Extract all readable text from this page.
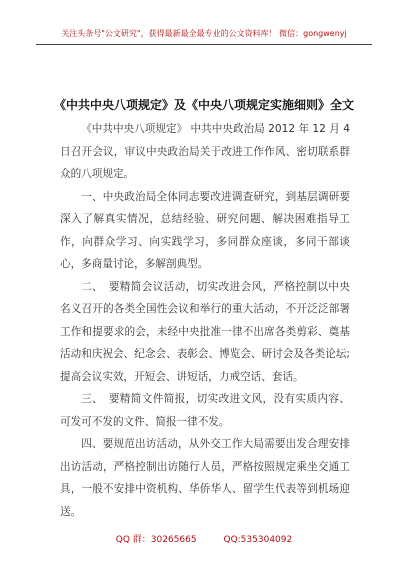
关注头条号"公文研究"，获得最新最全最专业的公文资料库！ 微信：gongwenyj
《中共中央八项规定》及《中央八项规定实施细则》全文

《中共中央八项规定》 中共中央政治局 2012 年 12 月 4 日召开会议，审议中央政治局关于改进工作作风、密切联系群众的八项规定。

一、中央政治局全体同志要改进调查研究，到基层调研要深入了解真实情况，总结经验、研究问题、解决困难指导工作，向群众学习、向实践学习，多同群众座谈，多同干部谈心，多商量讨论，多解剖典型。

二、　要精简会议活动，切实改进会风，严格控制以中央名义召开的各类全国性会议和举行的重大活动，不开泛泛部署工作和提要求的会，未经中央批准一律不出席各类剪彩、奠基活动和庆祝会、纪念会、表彰会、博览会、研讨会及各类论坛;提高会议实效，开短会、讲短话，力戒空话、套话。

三、　要精简文件简报，切实改进文风，没有实质内容、可发可不发的文件、简报一律不发。

四、要规范出访活动，从外交工作大局需要出发合理安排出访活动，严格控制出访随行人员，严格按照规定乘坐交通工具，一般不安排中资机构、华侨华人、留学生代表等到机场迎送。

QQ 群：30265665	QQ:535304092
